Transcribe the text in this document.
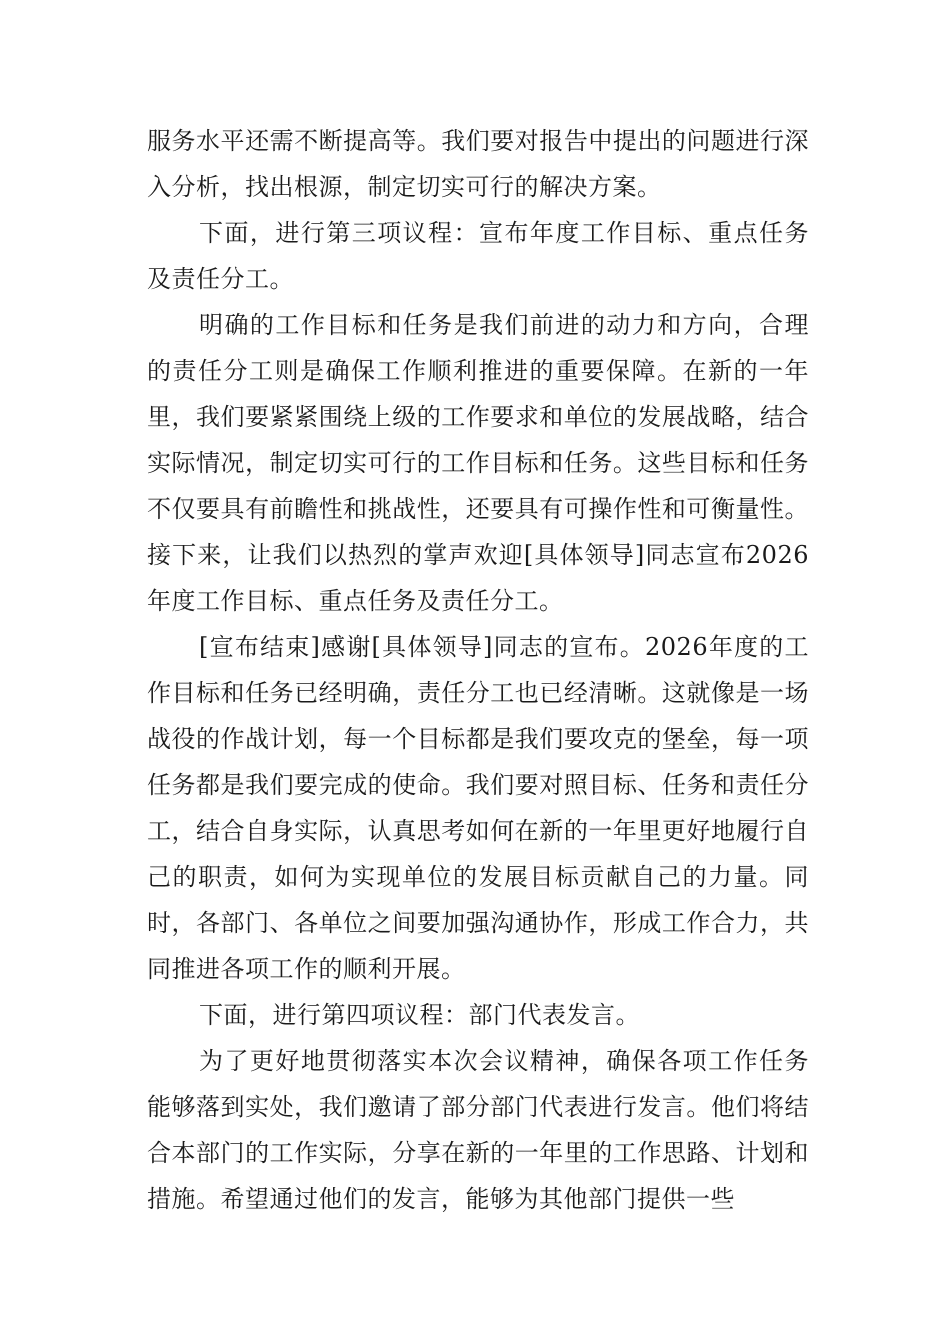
服务水平还需不断提高等。我们要对报告中提出的问题进行深入分析，找出根源，制定切实可行的解决方案。

下面，进行第三项议程：宣布年度工作目标、重点任务及责任分工。

明确的工作目标和任务是我们前进的动力和方向，合理的责任分工则是确保工作顺利推进的重要保障。在新的一年里，我们要紧紧围绕上级的工作要求和单位的发展战略，结合实际情况，制定切实可行的工作目标和任务。这些目标和任务不仅要具有前瞻性和挑战性，还要具有可操作性和可衡量性。接下来，让我们以热烈的掌声欢迎[具体领导]同志宣布2026年度工作目标、重点任务及责任分工。

[宣布结束]感谢[具体领导]同志的宣布。2026年度的工作目标和任务已经明确，责任分工也已经清晰。这就像是一场战役的作战计划，每一个目标都是我们要攻克的堡垒，每一项任务都是我们要完成的使命。我们要对照目标、任务和责任分工，结合自身实际，认真思考如何在新的一年里更好地履行自己的职责，如何为实现单位的发展目标贡献自己的力量。同时，各部门、各单位之间要加强沟通协作，形成工作合力，共同推进各项工作的顺利开展。

下面，进行第四项议程：部门代表发言。

为了更好地贯彻落实本次会议精神，确保各项工作任务能够落到实处，我们邀请了部分部门代表进行发言。他们将结合本部门的工作实际，分享在新的一年里的工作思路、计划和措施。希望通过他们的发言，能够为其他部门提供一些
